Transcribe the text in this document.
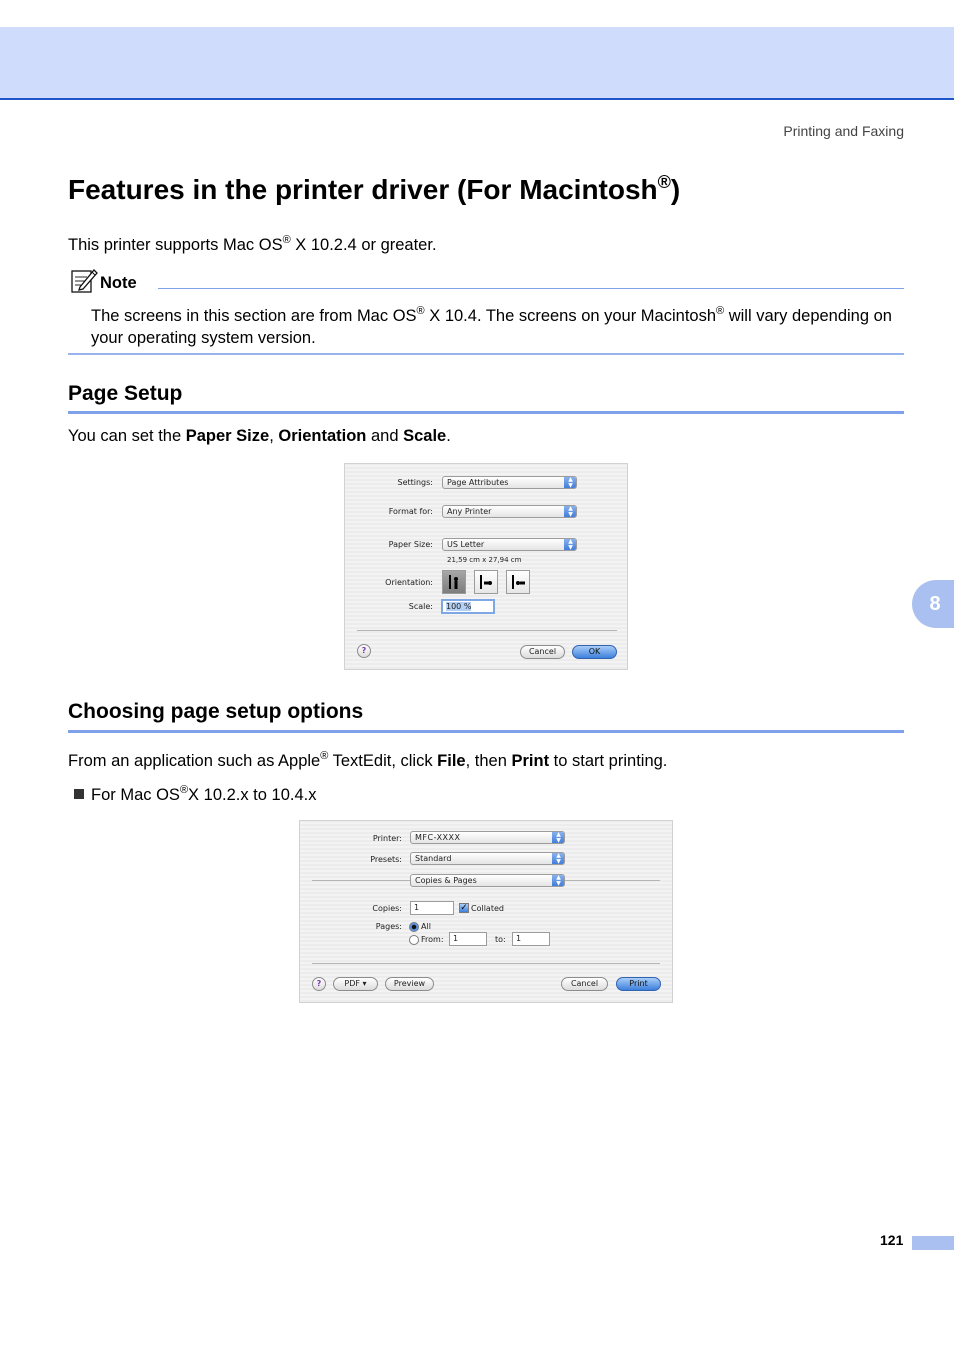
Printing and Faxing
Features in the printer driver (For Macintosh®)
This printer supports Mac OS® X 10.2.4 or greater.
Note
The screens in this section are from Mac OS® X 10.4. The screens on your Macintosh® will vary depending on your operating system version.
Page Setup
You can set the Paper Size, Orientation and Scale.
Settings:	Page Attributes	▲
▼
Format for:	Any Printer	▲
▼
Paper Size:	US Letter	▲
▼
21,59 cm x 27,94 cm
Orientation:
Scale:	100 %
?	Cancel	OK
Choosing page setup options
From an application such as Apple® TextEdit, click File, then Print to start printing.
For Mac OS®X 10.2.x to 10.4.x
Printer:	MFC-XXXX	▲
▼
Presets:	Standard	▲
▼
Copies & Pages	▲
▼
Copies:	1	✓ Collated
Pages: All
From:	1	to:	1
?	PDF ▾	Preview	Cancel	Print
8
121
